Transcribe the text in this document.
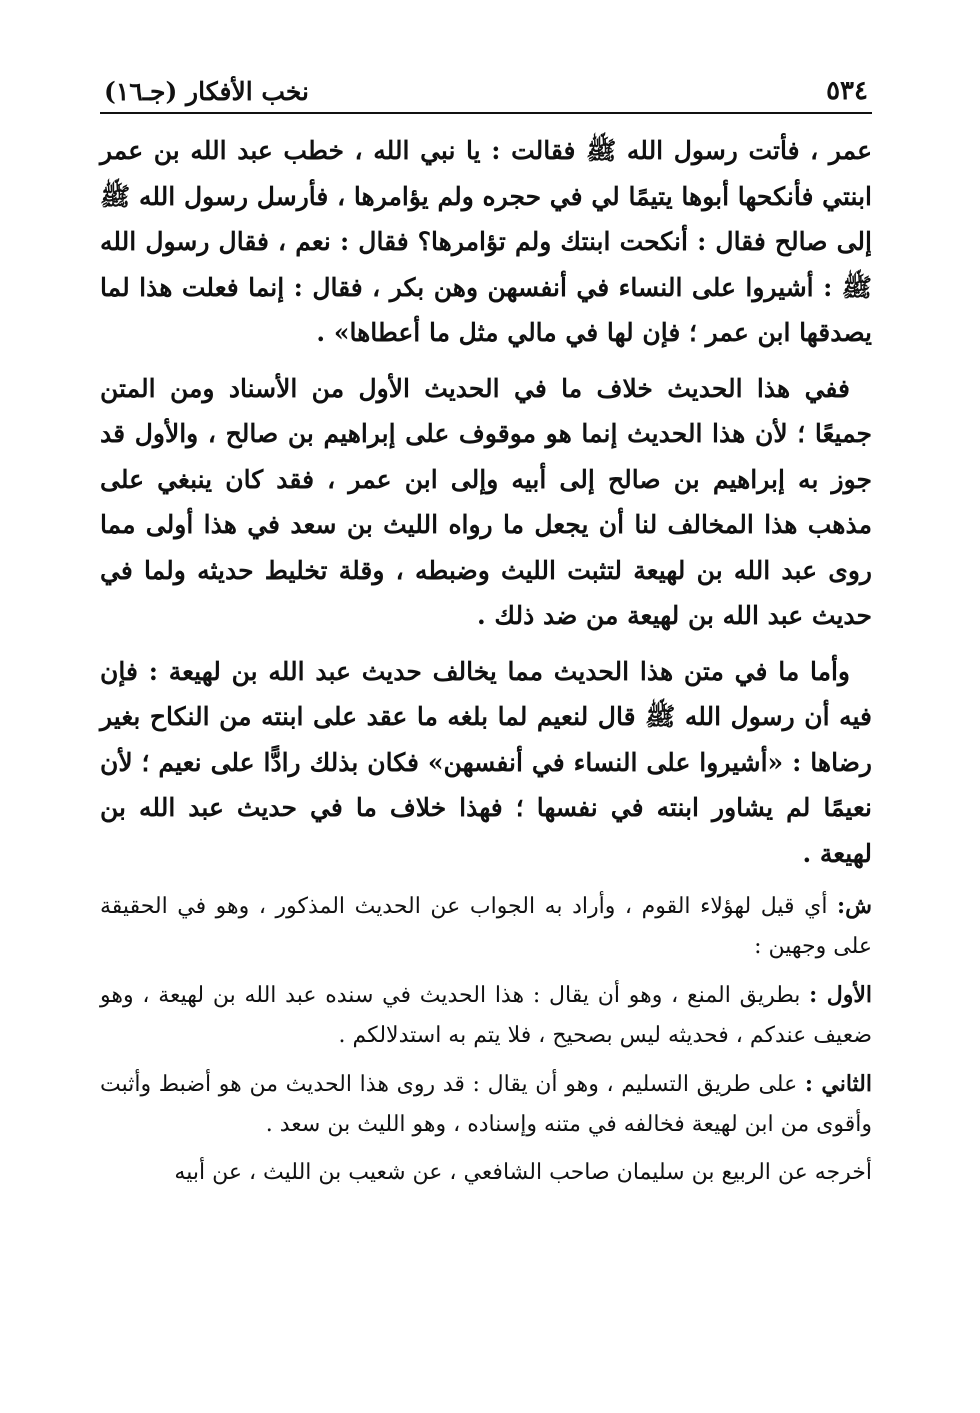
٥٣٤
نخب الأفكار (جـ١٦)

عمر ، فأتت رسول الله ﷺ فقالت : يا نبي الله ، خطب عبد الله بن عمر ابنتي فأنكحها أبوها يتيمًا لي في حجره ولم يؤامرها ، فأرسل رسول الله ﷺ إلى صالح فقال : أنكحت ابنتك ولم تؤامرها؟ فقال : نعم ، فقال رسول الله ﷺ : أشيروا على النساء في أنفسهن وهن بكر ، فقال : إنما فعلت هذا لما يصدقها ابن عمر ؛ فإن لها في مالي مثل ما أعطاها» .

ففي هذا الحديث خلاف ما في الحديث الأول من الأسناد ومن المتن جميعًا ؛ لأن هذا الحديث إنما هو موقوف على إبراهيم بن صالح ، والأول قد جوز به إبراهيم بن صالح إلى أبيه وإلى ابن عمر ، فقد كان ينبغي على مذهب هذا المخالف لنا أن يجعل ما رواه الليث بن سعد في هذا أولى مما روى عبد الله بن لهيعة لتثبت الليث وضبطه ، وقلة تخليط حديثه ولما في حديث عبد الله بن لهيعة من ضد ذلك .

وأما ما في متن هذا الحديث مما يخالف حديث عبد الله بن لهيعة : فإن فيه أن رسول الله ﷺ قال لنعيم لما بلغه ما عقد على ابنته من النكاح بغير رضاها : «أشيروا على النساء في أنفسهن» فكان بذلك رادًّا على نعيم ؛ لأن نعيمًا لم يشاور ابنته في نفسها ؛ فهذا خلاف ما في حديث عبد الله بن لهيعة .

ش: أي قيل لهؤلاء القوم ، وأراد به الجواب عن الحديث المذكور ، وهو في الحقيقة على وجهين :

الأول : بطريق المنع ، وهو أن يقال : هذا الحديث في سنده عبد الله بن لهيعة ، وهو ضعيف عندكم ، فحديثه ليس بصحيح ، فلا يتم به استدلالكم .

الثاني : على طريق التسليم ، وهو أن يقال : قد روى هذا الحديث من هو أضبط وأثبت وأقوى من ابن لهيعة فخالفه في متنه وإسناده ، وهو الليث بن سعد .

أخرجه عن الربيع بن سليمان صاحب الشافعي ، عن شعيب بن الليث ، عن أبيه
